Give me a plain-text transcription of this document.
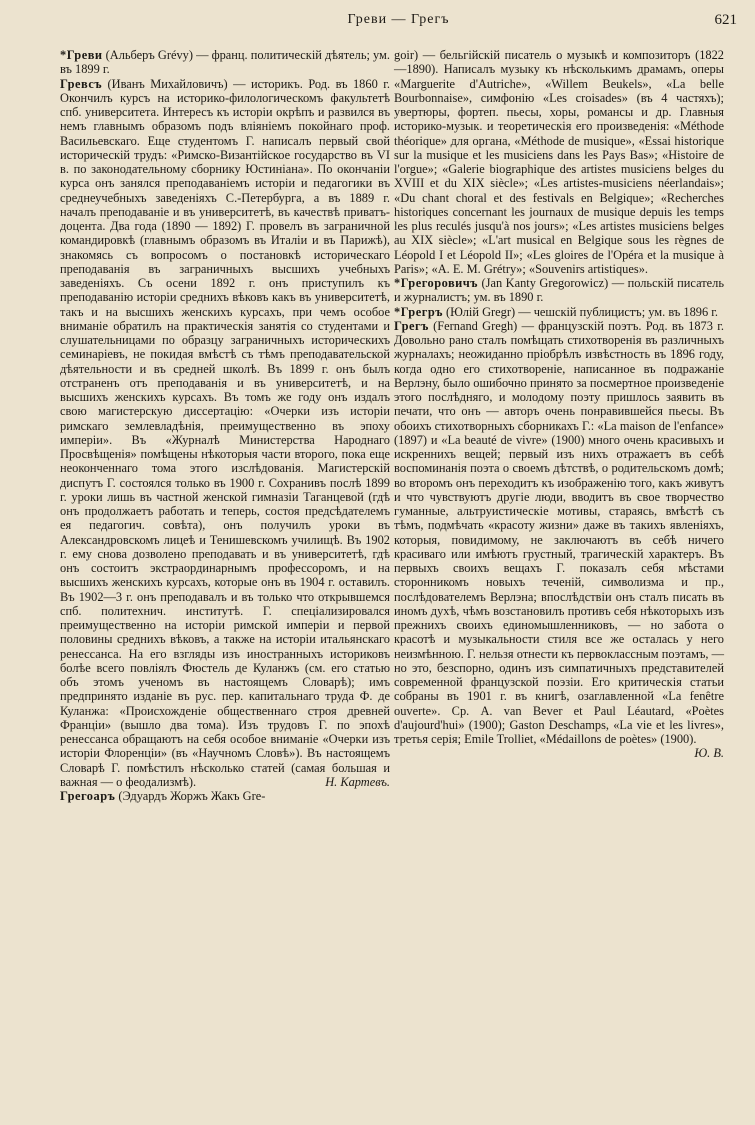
Греви — Грегъ	621

*Греви (Альберъ Grévy) — франц. политическій дѣятель; ум. въ 1899 г.

Гревсъ (Иванъ Михайловичъ) — историкъ. Род. въ 1860 г. Окончилъ курсъ на историко-филологическомъ факультетѣ спб. университета. Интересъ къ исторіи окрѣпъ и развился въ немъ главнымъ образомъ подъ вліяніемъ покойнаго проф. Васильевскаго. Еще студентомъ Г. написалъ первый свой историческій трудъ: «Римско-Византійское государство въ VI в. по законодательному сборнику Юстиніана». По окончаніи курса онъ занялся преподаваніемъ исторіи и педагогики въ среднеучебныхъ заведеніяхъ С.-Петербурга, а въ 1889 г. началъ преподаваніе и въ университетѣ, въ качествѣ приватъ-доцента. Два года (1890 — 1892) Г. провелъ въ заграничной командировкѣ (главнымъ образомъ въ Италіи и въ Парижѣ), знакомясь съ вопросомъ о постановкѣ историческаго преподаванія въ заграничныхъ высшихъ учебныхъ заведеніяхъ. Съ осени 1892 г. онъ приступилъ къ преподаванію исторіи среднихъ вѣковъ какъ въ университетѣ, такъ и на высшихъ женскихъ курсахъ, при чемъ особое вниманіе обратилъ на практическія занятія со студентами и слушательницами по образцу заграничныхъ историческихъ семинаріевъ, не покидая вмѣстѣ съ тѣмъ преподавательской дѣятельности и въ средней школѣ. Въ 1899 г. онъ былъ отстраненъ отъ преподаванія и въ университетѣ, и на высшихъ женскихъ курсахъ. Въ томъ же году онъ издалъ свою магистерскую диссертацію: «Очерки изъ исторіи римскаго землевладѣнія, преимущественно въ эпоху имперіи». Въ «Журналѣ Министерства Народнаго Просвѣщенія» помѣщены нѣкоторыя части второго, пока еще неоконченнаго тома этого изслѣдованія. Магистерскій диспутъ Г. состоялся только въ 1900 г. Сохранивъ послѣ 1899 г. уроки лишь въ частной женской гимназіи Таганцевой (гдѣ онъ продолжаетъ работать и теперь, состоя предсѣдателемъ ея педагогич. совѣта), онъ получилъ уроки въ Александровскомъ лицеѣ и Тенишевскомъ училищѣ. Въ 1902 г. ему снова дозволено преподавать и въ университетѣ, гдѣ онъ состоитъ экстраординарнымъ профессоромъ, и на высшихъ женскихъ курсахъ, которые онъ въ 1904 г. оставилъ. Въ 1902—3 г. онъ преподавалъ и въ только что открывшемся спб. политехнич. институтѣ. Г. спеціализировался преимущественно на исторіи римской имперіи и первой половины среднихъ вѣковъ, а также на исторіи итальянскаго ренессанса. На его взгляды изъ иностранныхъ историковъ болѣе всего повліялъ Фюстель де Куланжъ (см. его статью объ этомъ ученомъ въ настоящемъ Словарѣ); имъ предпринято изданіе въ рус. пер. капитальнаго труда Ф. де Куланжа: «Происхожденіе общественнаго строя древней Франціи» (вышло два тома). Изъ трудовъ Г. по эпохѣ ренессанса обращаютъ на себя особое вниманіе «Очерки изъ исторіи Флоренціи» (въ «Научномъ Словѣ»). Въ настоящемъ Словарѣ Г. помѣстилъ нѣсколько статей (самая большая и важная — о феодализмѣ).	Н. Картевъ.

Грегоаръ (Эдуардъ Жоржъ Жакъ Gre-

goir) — бельгійскій писатель о музыкѣ и композиторъ (1822—1890). Написалъ музыку къ нѣсколькимъ драмамъ, оперы «Marguerite d'Autriche», «Willem Beukels», «La belle Bourbonnaise», симфонію «Les croisades» (въ 4 частяхъ); увертюры, фортеп. пьесы, хоры, романсы и др. Главныя историко-музык. и теоретическія его произведенія: «Méthode théorique» для органа, «Méthode de musique», «Essai historique sur la musique et les musiciens dans les Pays Bas»; «Histoire de l'orgue»; «Galerie biographique des artistes musiciens belges du XVIII et du XIX siècle»; «Les artistes-musiciens néerlandais»; «Du chant choral et des festivals en Belgique»; «Recherches historiques concernant les journaux de musique depuis les temps les plus reculés jusqu'à nos jours»; «Les artistes musiciens belges au XIX siècle»; «L'art musical en Belgique sous les règnes de Léopold I et Léopold II»; «Les gloires de l'Opéra et la musique à Paris»; «A. E. M. Grétry»; «Souvenirs artistiques».

*Грегоровичъ (Jan Kanty Gregorowicz) — польскій писатель и журналистъ; ум. въ 1890 г.

*Грегръ (Юлій Gregr) — чешскій публицистъ; ум. въ 1896 г.

Грегъ (Fernand Gregh) — французскій поэтъ. Род. въ 1873 г. Довольно рано сталъ помѣщать стихотворенія въ различныхъ журналахъ; неожиданно пріобрѣлъ извѣстность въ 1896 году, когда одно его стихотвореніе, написанное въ подражаніе Верлэну, было ошибочно принято за посмертное произведеніе этого послѣдняго, и молодому поэту пришлось заявить въ печати, что онъ — авторъ очень понравившейся пьесы. Въ обоихъ стихотворныхъ сборникахъ Г.: «La maison de l'enfance» (1897) и «La beauté de vivre» (1900) много очень красивыхъ и искреннихъ вещей; первый изъ нихъ отражаетъ въ себѣ воспоминанія поэта о своемъ дѣтствѣ, о родительскомъ домѣ; во второмъ онъ переходитъ къ изображенію того, какъ живутъ и что чувствуютъ другіе люди, вводитъ въ свое творчество гуманные, альтруистическіе мотивы, стараясь, вмѣстѣ съ тѣмъ, подмѣчать «красоту жизни» даже въ такихъ явленіяхъ, которыя, повидимому, не заключаютъ въ себѣ ничего красиваго или имѣютъ грустный, трагическій характеръ. Въ первыхъ своихъ вещахъ Г. показалъ себя мѣстами сторонникомъ новыхъ теченій, символизма и пр., послѣдователемъ Верлэна; впослѣдствіи онъ сталъ писать въ иномъ духѣ, чѣмъ возстановилъ противъ себя нѣкоторыхъ изъ прежнихъ своихъ единомышленниковъ, — но забота о красотѣ и музыкальности стиля все же осталась у него неизмѣнною. Г. нельзя отнести къ первоклассным поэтамъ, — но это, безспорно, одинъ изъ симпатичныхъ представителей современной французской поэзіи. Его критическія статьи собраны въ 1901 г. въ книгѣ, озаглавленной «La fenêtre ouverte». Ср. A. van Bever et Paul Léautard, «Poètes d'aujourd'hui» (1900); Gaston Deschamps, «La vie et les livres», третья серія; Emile Trolliet, «Médaillons de poètes» (1900).
Ю. В.
